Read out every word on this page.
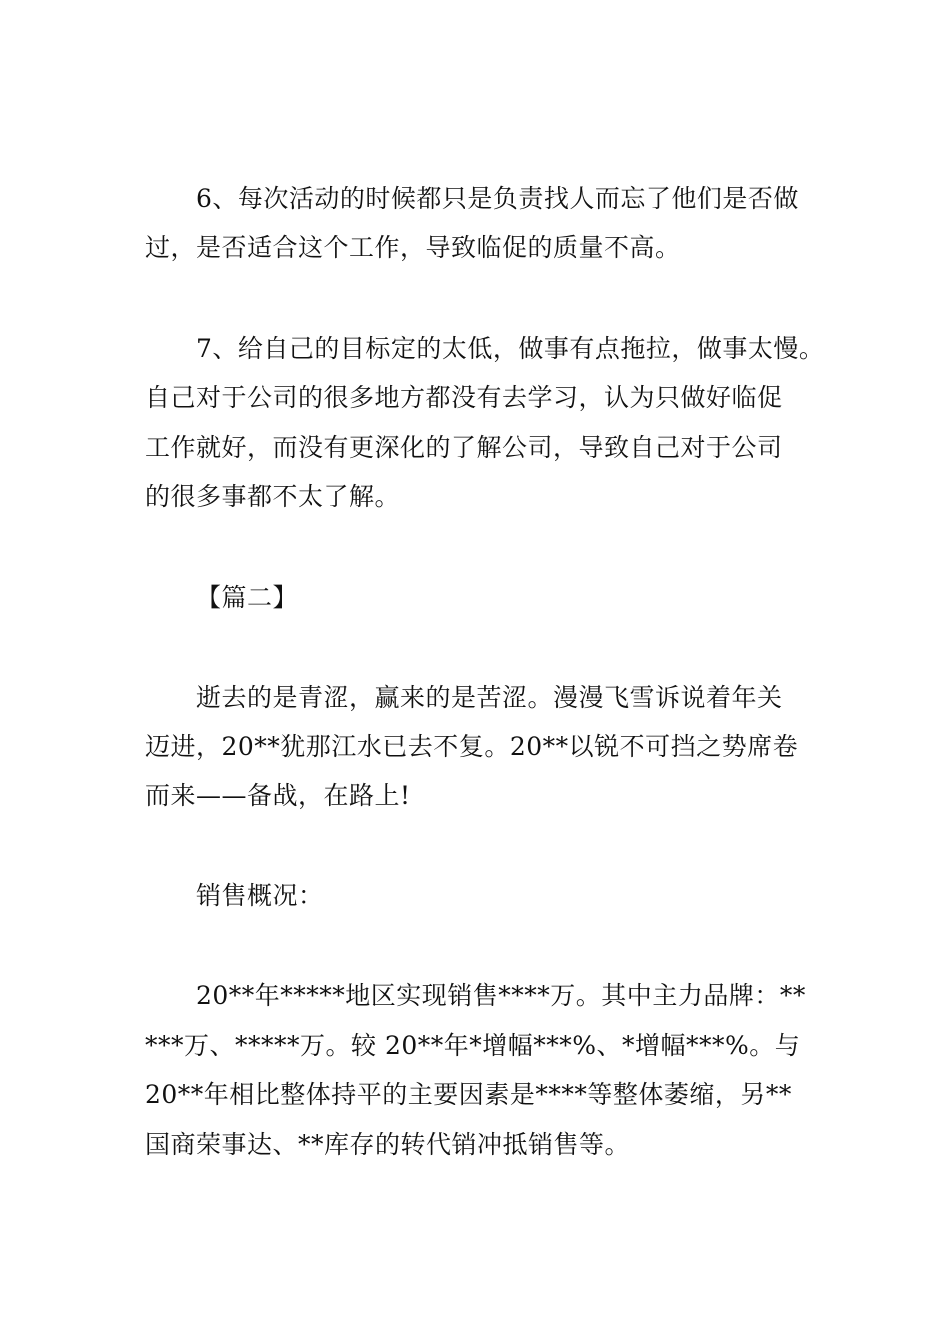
6、每次活动的时候都只是负责找人而忘了他们是否做
过，是否适合这个工作，导致临促的质量不高。
7、给自己的目标定的太低，做事有点拖拉，做事太慢。
自己对于公司的很多地方都没有去学习，认为只做好临促
工作就好，而没有更深化的了解公司，导致自己对于公司
的很多事都不太了解。
【篇二】
逝去的是青涩，赢来的是苦涩。漫漫飞雪诉说着年关
迈进，20**犹那江水已去不复。20**以锐不可挡之势席卷
而来——备战，在路上!
销售概况：
20**年*****地区实现销售****万。其中主力品牌：**
***万、*****万。较 20**年*增幅***%、*增幅***%。与
20**年相比整体持平的主要因素是****等整体萎缩，另**
国商荣事达、**库存的转代销冲抵销售等。
